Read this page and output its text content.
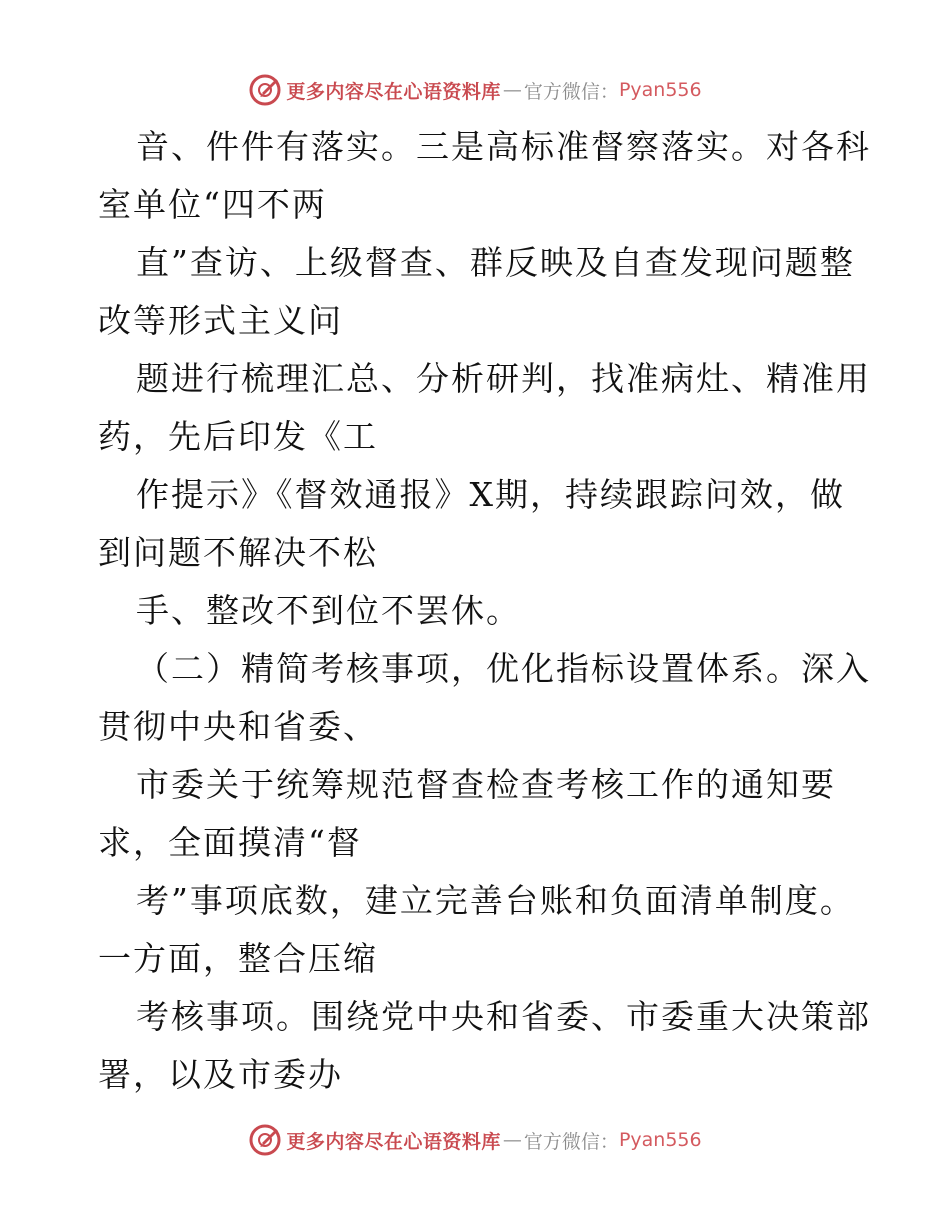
更多内容尽在心语资料库 — 官方微信： Pyan556
音、件件有落实。三是高标准督察落实。对各科
室单位“四不两
直”查访、上级督查、群反映及自查发现问题整
改等形式主义问
题进行梳理汇总、分析研判，找准病灶、精准用
药，先后印发《工
作提示》《督效通报》X期，持续跟踪问效，做
到问题不解决不松
手、整改不到位不罢休。
（二）精简考核事项，优化指标设置体系。深入
贯彻中央和省委、
市委关于统筹规范督查检查考核工作的通知要
求，全面摸清“督
考”事项底数，建立完善台账和负面清单制度。
一方面，整合压缩
考核事项。围绕党中央和省委、市委重大决策部
署，以及市委办
更多内容尽在心语资料库 — 官方微信： Pyan556
